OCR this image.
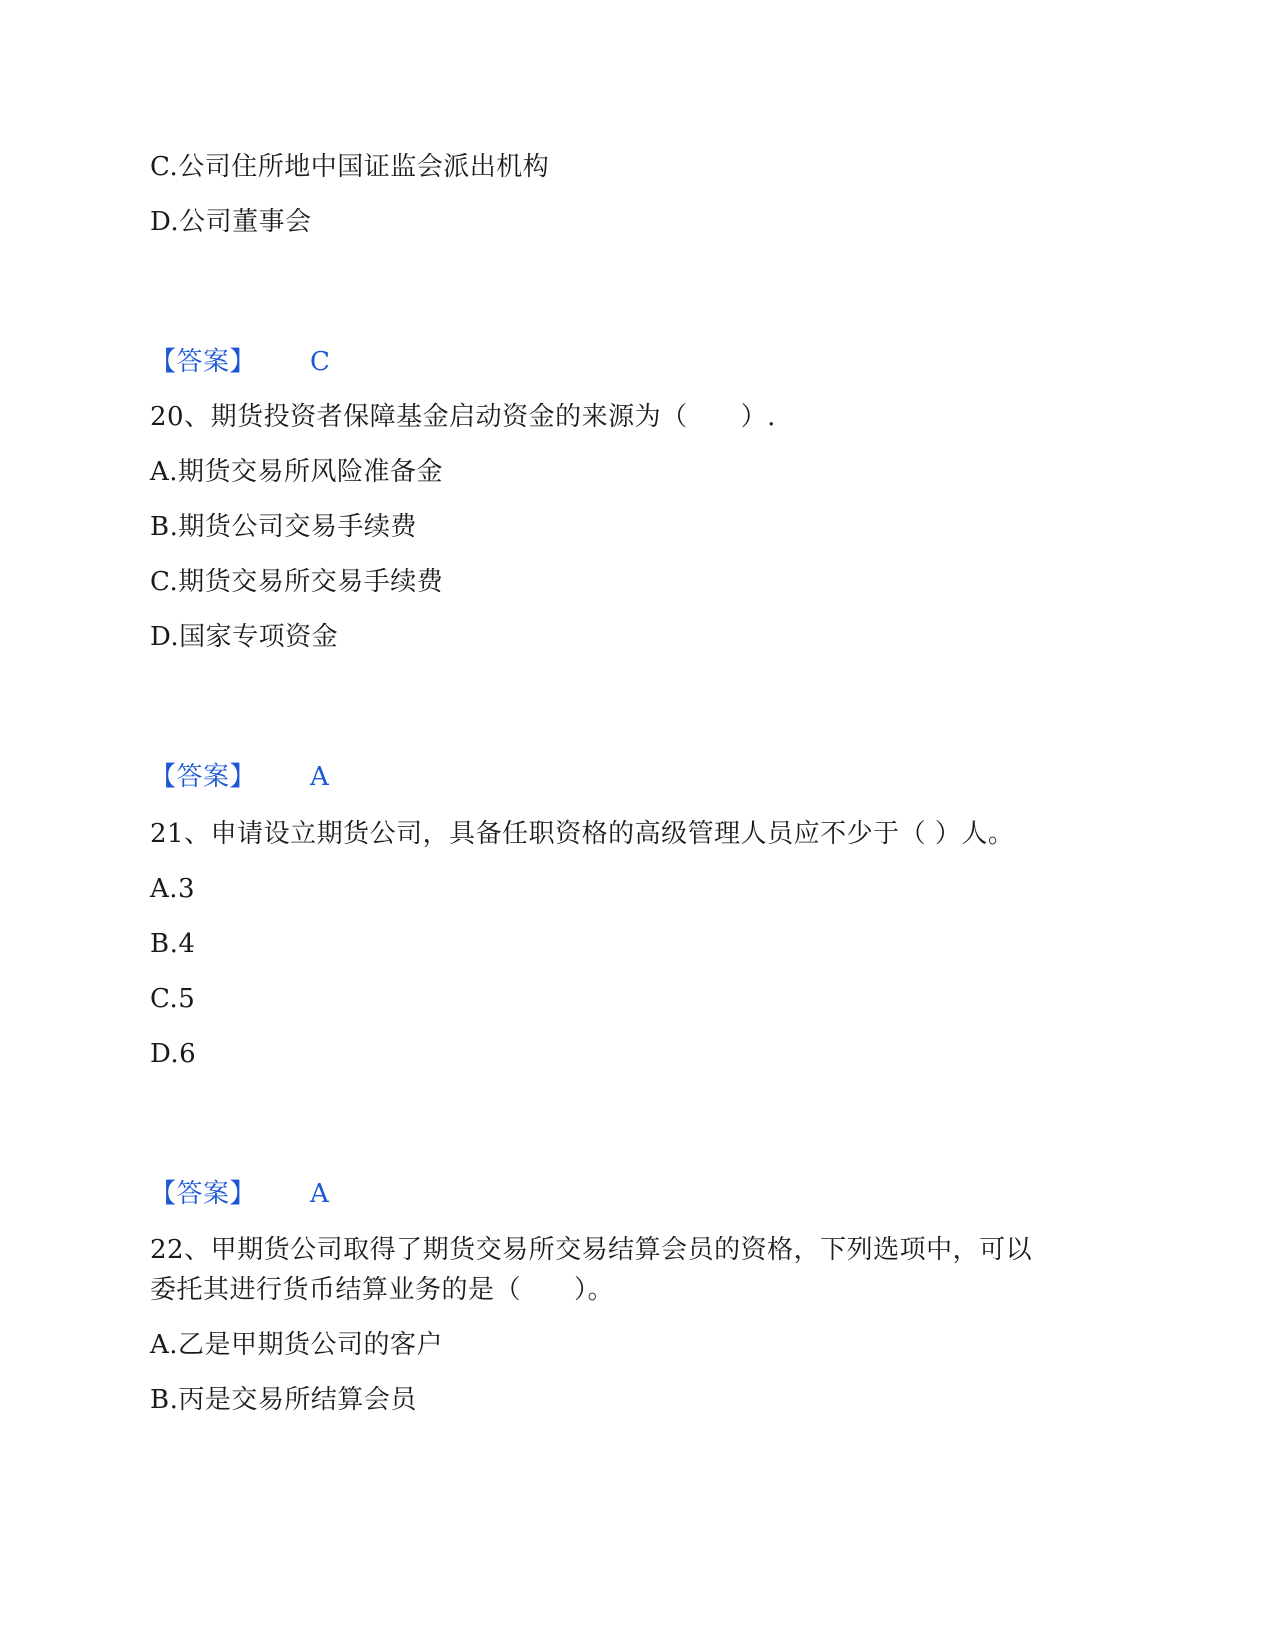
C.公司住所地中国证监会派出机构
D.公司董事会
【答案】 C
20、期货投资者保障基金启动资金的来源为（　　）.
A.期货交易所风险准备金
B.期货公司交易手续费
C.期货交易所交易手续费
D.国家专项资金
【答案】 A
21、申请设立期货公司，具备任职资格的高级管理人员应不少于（ ）人。
A.3
B.4
C.5
D.6
【答案】 A
22、甲期货公司取得了期货交易所交易结算会员的资格，下列选项中，可以
委托其进行货币结算业务的是（　　）。
A.乙是甲期货公司的客户
B.丙是交易所结算会员
